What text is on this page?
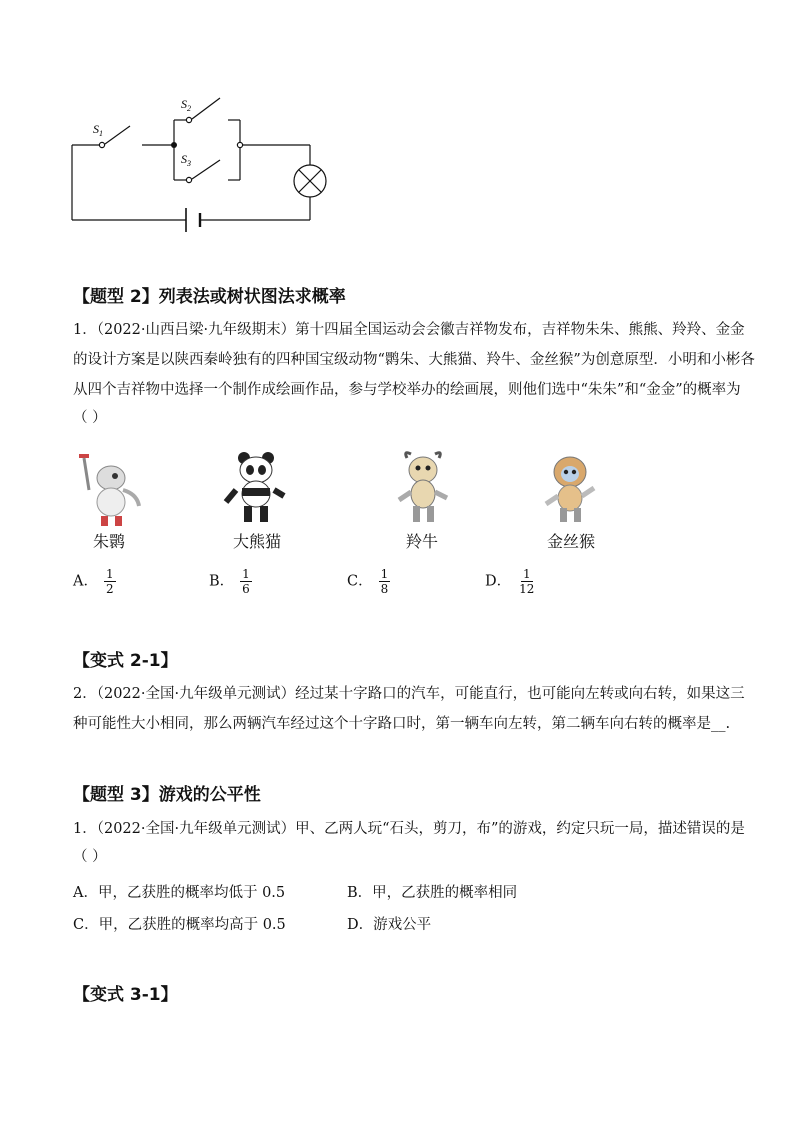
$S_1$
$S_2$
$S_3$
【题型 2】列表法或树状图法求概率
1．（2022·山西吕梁·九年级期末）第十四届全国运动会会徽吉祥物发布，吉祥物朱朱、熊熊、羚羚、金金
的设计方案是以陕西秦岭独有的四种国宝级动物“鹮朱、大熊猫、羚牛、金丝猴”为创意原型．小明和小彬各
从四个吉祥物中选择一个制作成绘画作品，参与学校举办的绘画展，则他们选中“朱朱”和“金金”的概率为
（ ）
朱鹮	大熊猫	羚牛	金丝猴
A． $\frac{1}{2}$	B． $\frac{1}{6}$	C． $\frac{1}{8}$	D． $\frac{1}{12}$
【变式 2-1】
2．（2022·全国·九年级单元测试）经过某十字路口的汽车，可能直行，也可能向左转或向右转，如果这三
种可能性大小相同，那么两辆汽车经过这个十字路口时，第一辆车向左转，第二辆车向右转的概率是__.
【题型 3】游戏的公平性
1．（2022·全国·九年级单元测试）甲、乙两人玩“石头，剪刀，布”的游戏，约定只玩一局，描述错误的是
（ ）
A．甲，乙获胜的概率均低于 0.5	B．甲，乙获胜的概率相同
C．甲，乙获胜的概率均高于 0.5	D．游戏公平
【变式 3-1】
